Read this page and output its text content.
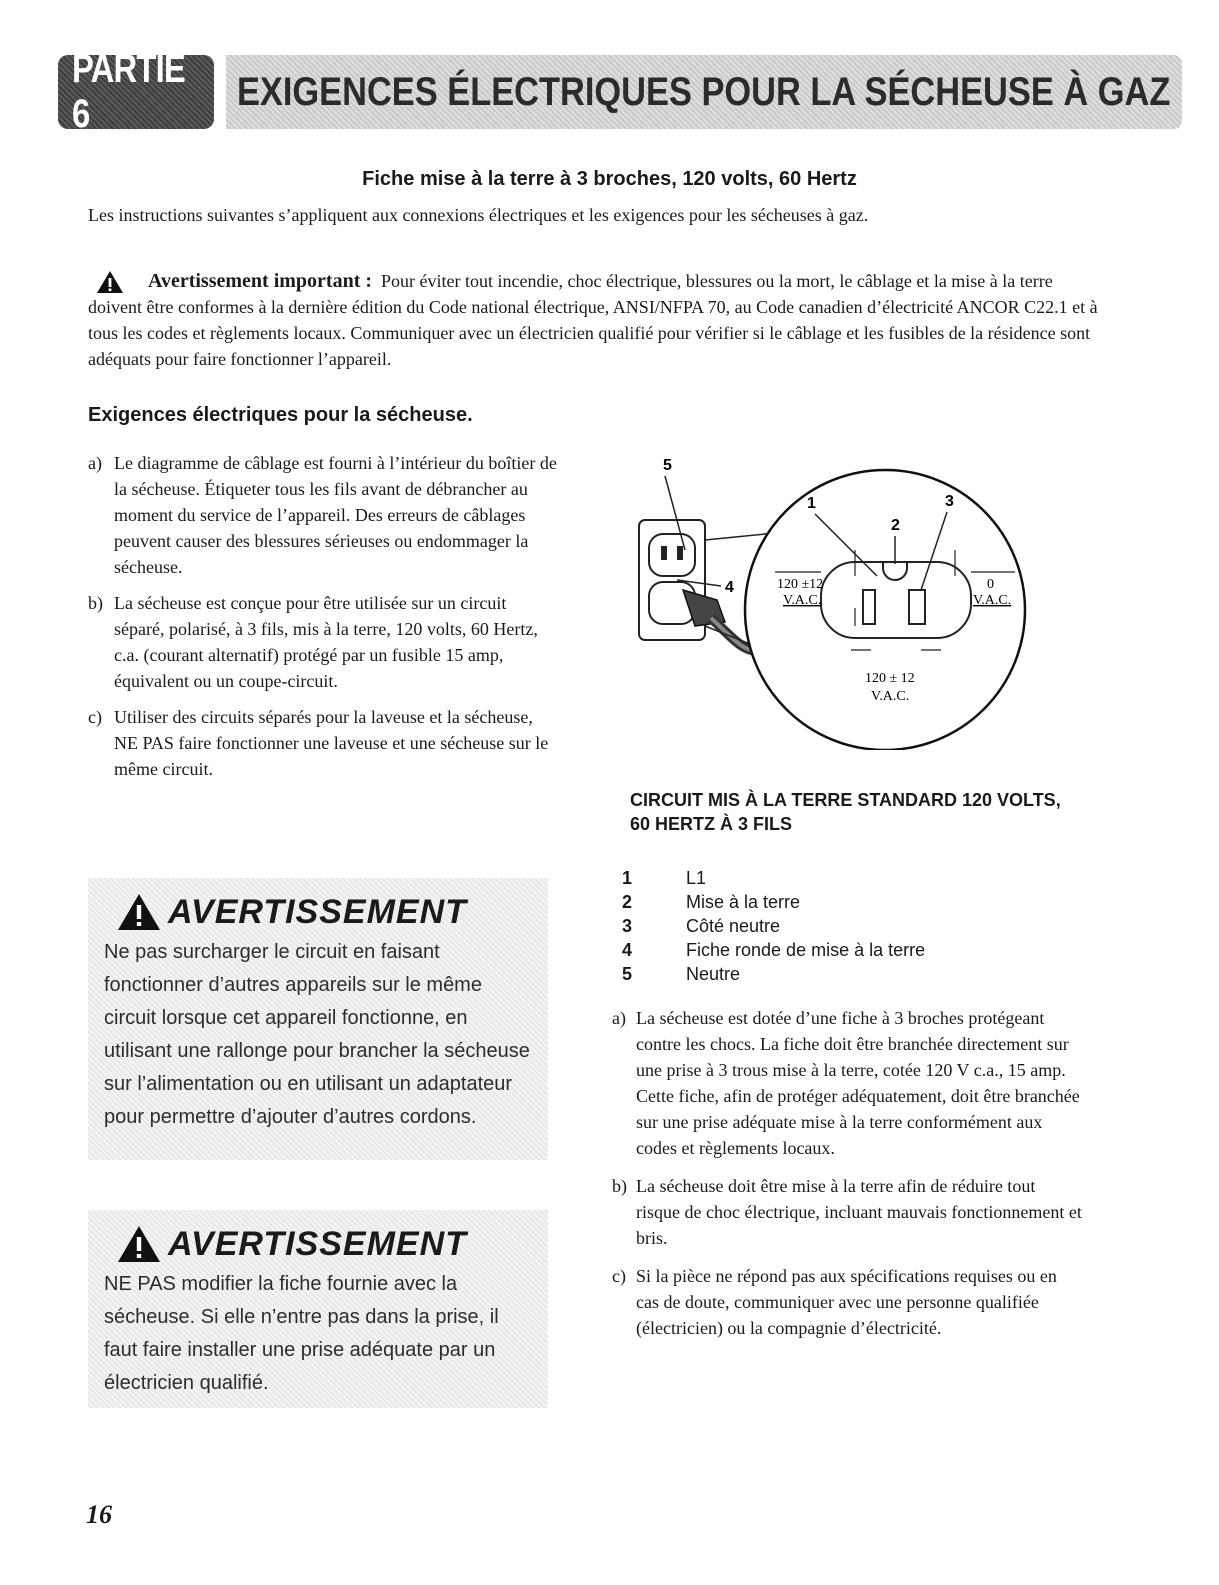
PARTIE 6
EXIGENCES ÉLECTRIQUES POUR LA SÉCHEUSE À GAZ
Fiche mise à la terre à 3 broches, 120 volts, 60 Hertz
Les instructions suivantes s’appliquent aux connexions électriques et les exigences pour les sécheuses à gaz.
Avertissement important : Pour éviter tout incendie, choc électrique, blessures ou la mort, le câblage et la mise à la terre doivent être conformes à la dernière édition du Code national électrique, ANSI/NFPA 70, au Code canadien d’électricité ANCOR C22.1 et à tous les codes et règlements locaux. Communiquer avec un électricien qualifié pour vérifier si le câblage et les fusibles de la résidence sont adéquats pour faire fonctionner l’appareil.
Exigences électriques pour la sécheuse.
a) Le diagramme de câblage est fourni à l’intérieur du boîtier de la sécheuse. Étiqueter tous les fils avant de débrancher au moment du service de l’appareil. Des erreurs de câblages peuvent causer des blessures sérieuses ou endommager la sécheuse.
b) La sécheuse est conçue pour être utilisée sur un circuit séparé, polarisé, à 3 fils, mis à la terre, 120 volts, 60 Hertz, c.a. (courant alternatif) protégé par un fusible 15 amp, équivalent ou un coupe-circuit.
c) Utiliser des circuits séparés pour la laveuse et la sécheuse, NE PAS faire fonctionner une laveuse et une sécheuse sur le même circuit.
AVERTISSEMENT
Ne pas surcharger le circuit en faisant fonctionner d’autres appareils sur le même circuit lorsque cet appareil fonctionne, en utilisant une rallonge pour brancher la sécheuse sur l’alimentation ou en utilisant un adaptateur pour permettre d’ajouter d’autres cordons.
AVERTISSEMENT
NE PAS modifier la fiche fournie avec la sécheuse. Si elle n’entre pas dans la prise, il faut faire installer une prise adéquate par un électricien qualifié.
5
4
1
2
3
120 ±12
V.A.C.
0
V.A.C.
120 ± 12
V.A.C.
CIRCUIT MIS À LA TERRE STANDARD 120 VOLTS, 60 HERTZ À 3 FILS
1	L1
2	Mise à la terre
3	Côté neutre
4	Fiche ronde de mise à la terre
5	Neutre
a) La sécheuse est dotée d’une fiche à 3 broches protégeant contre les chocs. La fiche doit être branchée directement sur une prise à 3 trous mise à la terre, cotée 120 V c.a., 15 amp. Cette fiche, afin de protéger adéquatement, doit être branchée sur une prise adéquate mise à la terre conformément aux codes et règlements locaux.
b) La sécheuse doit être mise à la terre afin de réduire tout risque de choc électrique, incluant mauvais fonctionnement et bris.
c) Si la pièce ne répond pas aux spécifications requises ou en cas de doute, communiquer avec une personne qualifiée (électricien) ou la compagnie d’électricité.
16
